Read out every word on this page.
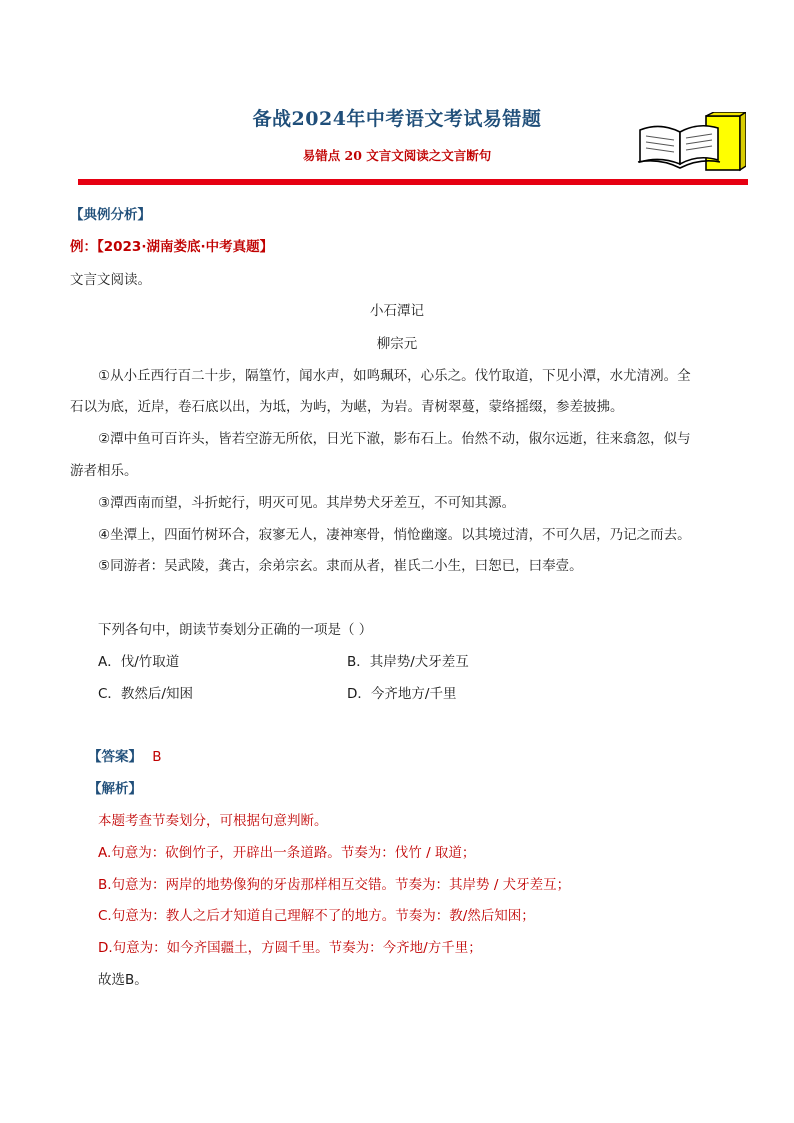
备战2024年中考语文考试易错题
易错点 20 文言文阅读之文言断句
【典例分析】
例：【2023·湖南娄底·中考真题】
文言文阅读。
小石潭记
柳宗元
①从小丘西行百二十步，隔篁竹，闻水声，如鸣珮环，心乐之。伐竹取道，下见小潭，水尤清冽。全
石以为底，近岸，卷石底以出，为坻，为屿，为嵁，为岩。青树翠蔓，蒙络摇缀，参差披拂。
②潭中鱼可百许头，皆若空游无所依，日光下澈，影布石上。佁然不动，俶尔远逝，往来翕忽，似与
游者相乐。
③潭西南而望，斗折蛇行，明灭可见。其岸势犬牙差互，不可知其源。
④坐潭上，四面竹树环合，寂寥无人，凄神寒骨，悄怆幽邃。以其境过清，不可久居，乃记之而去。
⑤同游者：吴武陵，龚古，余弟宗玄。隶而从者，崔氏二小生，曰恕已，曰奉壹。
下列各句中，朗读节奏划分正确的一项是（ ）
A．伐/竹取道	B．其岸势/犬牙差互
C．教然后/知困	D．今齐地方/千里
【答案】 B
【解析】
本题考查节奏划分，可根据句意判断。
A.句意为：砍倒竹子，开辟出一条道路。节奏为：伐竹 / 取道；
B.句意为：两岸的地势像狗的牙齿那样相互交错。节奏为：其岸势 / 犬牙差互；
C.句意为：教人之后才知道自己理解不了的地方。节奏为：教/然后知困；
D.句意为：如今齐国疆土，方圆千里。节奏为：今齐地/方千里；
故选B。
